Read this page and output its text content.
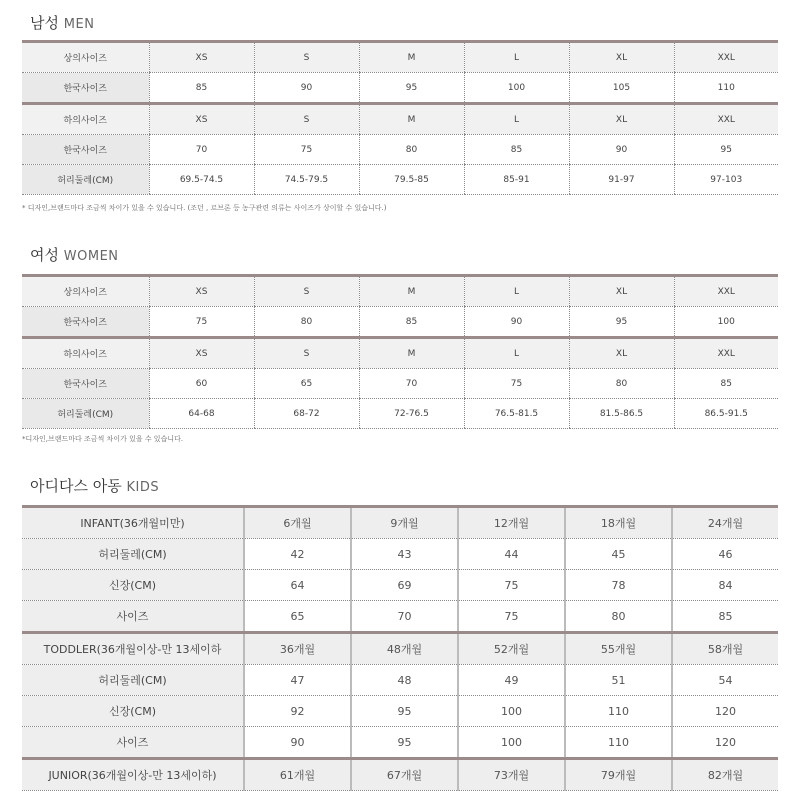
남성 MEN
상의사이즈	XS	S	M	L	XL	XXL
한국사이즈	85	90	95	100	105	110
하의사이즈	XS	S	M	L	XL	XXL
한국사이즈	70	75	80	85	90	95
허리둘레(CM)	69.5-74.5	74.5-79.5	79.5-85	85-91	91-97	97-103
* 디자인,브랜드마다 조금씩 차이가 있을 수 있습니다. (조던 , 르브론 등 농구관련 의류는 사이즈가 상이할 수 있습니다.)
여성 WOMEN
상의사이즈	XS	S	M	L	XL	XXL
한국사이즈	75	80	85	90	95	100
하의사이즈	XS	S	M	L	XL	XXL
한국사이즈	60	65	70	75	80	85
허리둘레(CM)	64-68	68-72	72-76.5	76.5-81.5	81.5-86.5	86.5-91.5
*디자인,브랜드마다 조금씩 차이가 있을 수 있습니다.
아디다스 아동 KIDS
INFANT(36개월미만)	6개월	9개월	12개월	18개월	24개월
허리둘레(CM)	42	43	44	45	46
신장(CM)	64	69	75	78	84
사이즈	65	70	75	80	85
TODDLER(36개월이상-만 13세이하	36개월	48개월	52개월	55개월	58개월
허리둘레(CM)	47	48	49	51	54
신장(CM)	92	95	100	110	120
사이즈	90	95	100	110	120
JUNIOR(36개월이상-만 13세이하)	61개월	67개월	73개월	79개월	82개월
